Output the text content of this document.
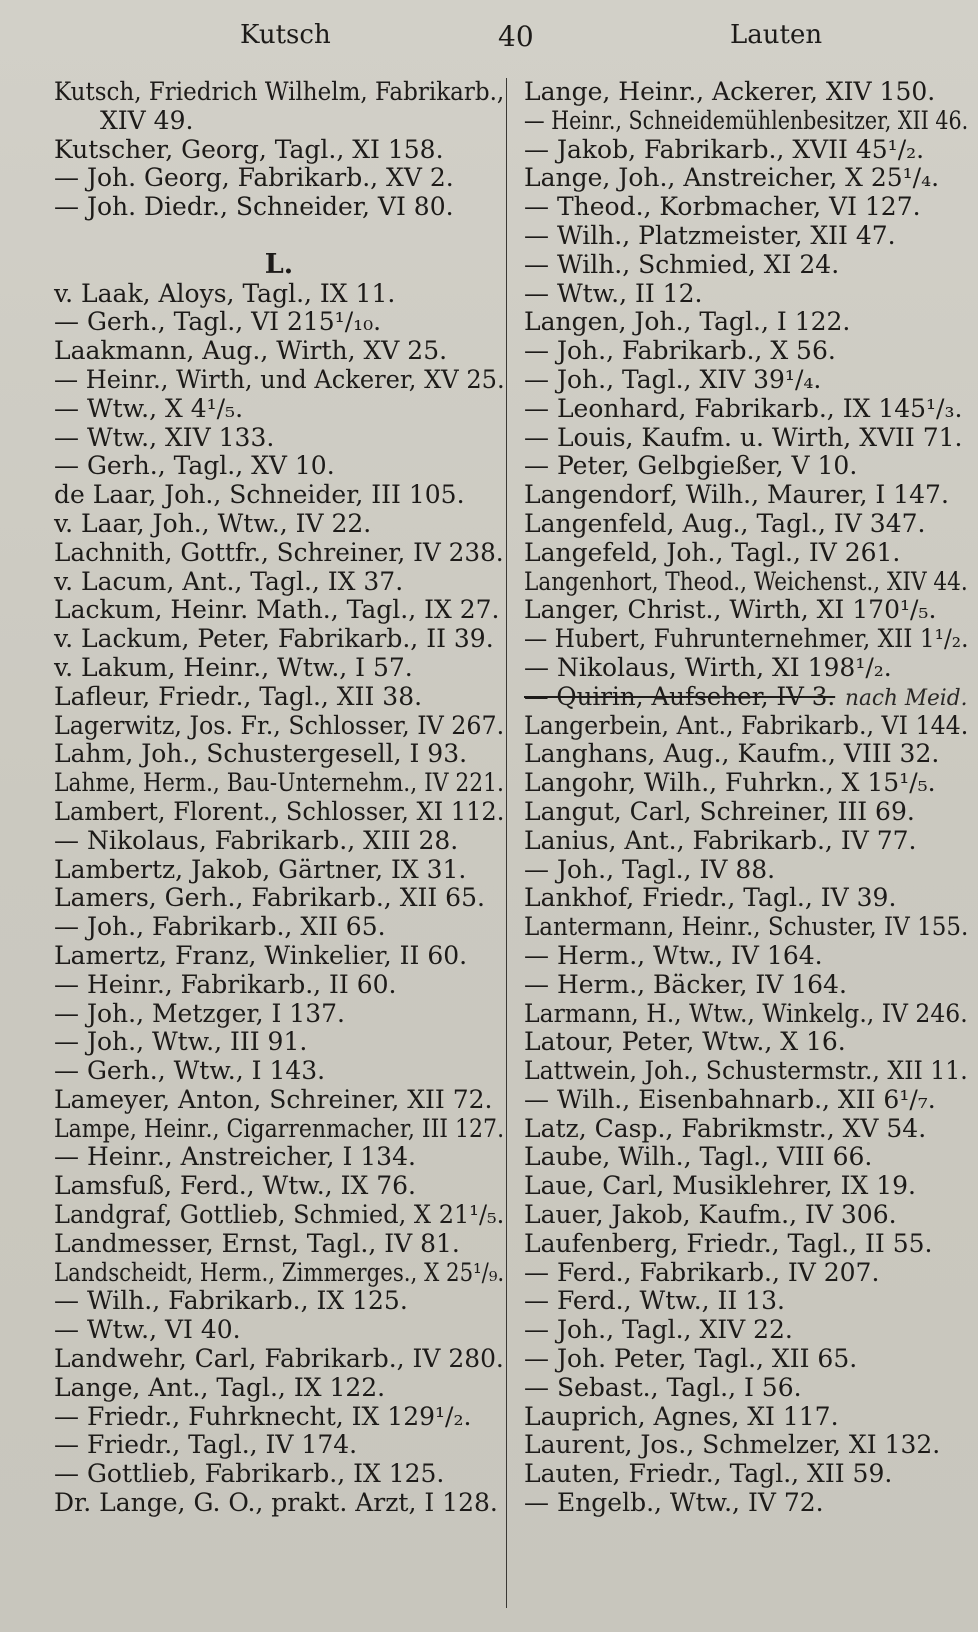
Kutsch	40	Lauten
Kutsch, Friedrich Wilhelm, Fabrikarb.,
XIV 49.
Kutscher, Georg, Tagl., XI 158.
— Joh. Georg, Fabrikarb., XV 2.
— Joh. Diedr., Schneider, VI 80.
L.
v. Laak, Aloys, Tagl., IX 11.
— Gerh., Tagl., VI 215¹/₁₀.
Laakmann, Aug., Wirth, XV 25.
— Heinr., Wirth, und Ackerer, XV 25.
— Wtw., X 4¹/₅.
— Wtw., XIV 133.
— Gerh., Tagl., XV 10.
de Laar, Joh., Schneider, III 105.
v. Laar, Joh., Wtw., IV 22.
Lachnith, Gottfr., Schreiner, IV 238.
v. Lacum, Ant., Tagl., IX 37.
Lackum, Heinr. Math., Tagl., IX 27.
v. Lackum, Peter, Fabrikarb., II 39.
v. Lakum, Heinr., Wtw., I 57.
Lafleur, Friedr., Tagl., XII 38.
Lagerwitz, Jos. Fr., Schlosser, IV 267.
Lahm, Joh., Schustergesell, I 93.
Lahme, Herm., Bau-Unternehm., IV 221.
Lambert, Florent., Schlosser, XI 112.
— Nikolaus, Fabrikarb., XIII 28.
Lambertz, Jakob, Gärtner, IX 31.
Lamers, Gerh., Fabrikarb., XII 65.
— Joh., Fabrikarb., XII 65.
Lamertz, Franz, Winkelier, II 60.
— Heinr., Fabrikarb., II 60.
— Joh., Metzger, I 137.
— Joh., Wtw., III 91.
— Gerh., Wtw., I 143.
Lameyer, Anton, Schreiner, XII 72.
Lampe, Heinr., Cigarrenmacher, III 127.
— Heinr., Anstreicher, I 134.
Lamsfuß, Ferd., Wtw., IX 76.
Landgraf, Gottlieb, Schmied, X 21¹/₅.
Landmesser, Ernst, Tagl., IV 81.
Landscheidt, Herm., Zimmerges., X 25¹/₉.
— Wilh., Fabrikarb., IX 125.
— Wtw., VI 40.
Landwehr, Carl, Fabrikarb., IV 280.
Lange, Ant., Tagl., IX 122.
— Friedr., Fuhrknecht, IX 129¹/₂.
— Friedr., Tagl., IV 174.
— Gottlieb, Fabrikarb., IX 125.
Dr. Lange, G. O., prakt. Arzt, I 128.
Lange, Heinr., Ackerer, XIV 150.
— Heinr., Schneidemühlenbesitzer, XII 46.
— Jakob, Fabrikarb., XVII 45¹/₂.
Lange, Joh., Anstreicher, X 25¹/₄.
— Theod., Korbmacher, VI 127.
— Wilh., Platzmeister, XII 47.
— Wilh., Schmied, XI 24.
— Wtw., II 12.
Langen, Joh., Tagl., I 122.
— Joh., Fabrikarb., X 56.
— Joh., Tagl., XIV 39¹/₄.
— Leonhard, Fabrikarb., IX 145¹/₃.
— Louis, Kaufm. u. Wirth, XVII 71.
— Peter, Gelbgießer, V 10.
Langendorf, Wilh., Maurer, I 147.
Langenfeld, Aug., Tagl., IV 347.
Langefeld, Joh., Tagl., IV 261.
Langenhort, Theod., Weichenst., XIV 44.
Langer, Christ., Wirth, XI 170¹/₅.
— Hubert, Fuhrunternehmer, XII 1¹/₂.
— Nikolaus, Wirth, XI 198¹/₂.
— Quirin, Aufseher, IV 3. nach Meid.
Langerbein, Ant., Fabrikarb., VI 144.
Langhans, Aug., Kaufm., VIII 32.
Langohr, Wilh., Fuhrkn., X 15¹/₅.
Langut, Carl, Schreiner, III 69.
Lanius, Ant., Fabrikarb., IV 77.
— Joh., Tagl., IV 88.
Lankhof, Friedr., Tagl., IV 39.
Lantermann, Heinr., Schuster, IV 155.
— Herm., Wtw., IV 164.
— Herm., Bäcker, IV 164.
Larmann, H., Wtw., Winkelg., IV 246.
Latour, Peter, Wtw., X 16.
Lattwein, Joh., Schustermstr., XII 11.
— Wilh., Eisenbahnarb., XII 6¹/₇.
Latz, Casp., Fabrikmstr., XV 54.
Laube, Wilh., Tagl., VIII 66.
Laue, Carl, Musiklehrer, IX 19.
Lauer, Jakob, Kaufm., IV 306.
Laufenberg, Friedr., Tagl., II 55.
— Ferd., Fabrikarb., IV 207.
— Ferd., Wtw., II 13.
— Joh., Tagl., XIV 22.
— Joh. Peter, Tagl., XII 65.
— Sebast., Tagl., I 56.
Lauprich, Agnes, XI 117.
Laurent, Jos., Schmelzer, XI 132.
Lauten, Friedr., Tagl., XII 59.
— Engelb., Wtw., IV 72.
